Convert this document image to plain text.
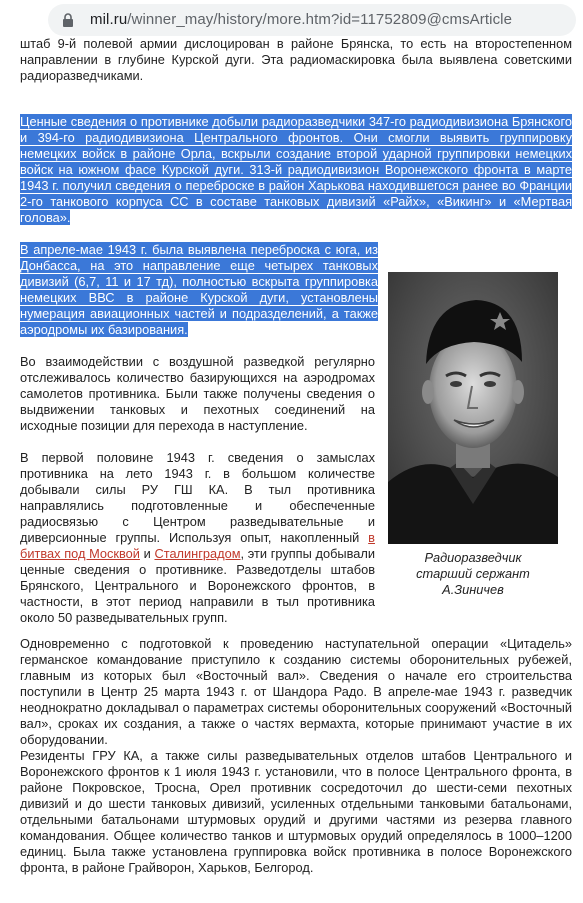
mil.ru/winner_may/history/more.htm?id=11752809@cmsArticle

штаб 9-й полевой армии дислоцирован в районе Брянска, то есть на второстепенном направлении в глубине Курской дуги. Эта радиомаскировка была выявлена советскими радиоразведчиками.

Ценные сведения о противнике добыли радиоразведчики 347-го радиодивизиона Брянского и 394-го радиодивизиона Центрального фронтов. Они смогли выявить группировку немецких войск в районе Орла, вскрыли создание второй ударной группировки немецких войск на южном фасе Курской дуги. 313-й радиодивизион Воронежского фронта в марте 1943 г. получил сведения о переброске в район Харькова находившегося ранее во Франции 2-го танкового корпуса СС в составе танковых дивизий «Райх», «Викинг» и «Мертвая голова».

В апреле-мае 1943 г. была выявлена переброска с юга, из Донбасса, на это направление еще четырех танковых дивизий (6,7, 11 и 17 тд), полностью вскрыта группировка немецких ВВС в районе Курской дуги, установлены нумерация авиационных частей и подразделений, а также аэродромы их базирования.

Во взаимодействии с воздушной разведкой регулярно отслеживалось количество базирующихся на аэродромах самолетов противника. Были также получены сведения о выдвижении танковых и пехотных соединений на исходные позиции для перехода в наступление.

В первой половине 1943 г. сведения о замыслах противника на лето 1943 г. в большом количестве добывали силы РУ ГШ КА. В тыл противника направлялись подготовленные и обеспеченные радиосвязью с Центром разведывательные и диверсионные группы. Используя опыт, накопленный в битвах под Москвой и Сталинградом, эти группы добывали ценные сведения о противнике. Разведотделы штабов Брянского, Центрального и Воронежского фронтов, в частности, в этот период направили в тыл противника около 50 разведывательных групп.

Радиоразведчик
старший сержант
А.Зиничев

Одновременно с подготовкой к проведению наступательной операции «Цитадель» германское командование приступило к созданию системы оборонительных рубежей, главным из которых был «Восточный вал». Сведения о начале его строительства поступили в Центр 25 марта 1943 г. от Шандора Радо. В апреле-мае 1943 г. разведчик неоднократно докладывал о параметрах системы оборонительных сооружений «Восточный вал», сроках их создания, а также о частях вермахта, которые принимают участие в их оборудовании.

Резиденты ГРУ КА, а также силы разведывательных отделов штабов Центрального и Воронежского фронтов к 1 июля 1943 г. установили, что в полосе Центрального фронта, в районе Покровское, Тросна, Орел противник сосредоточил до шести-семи пехотных дивизий и до шести танковых дивизий, усиленных отдельными танковыми батальонами, отдельными батальонами штурмовых орудий и другими частями из резерва главного командования. Общее количество танков и штурмовых орудий определялось в 1000–1200 единиц. Была также установлена группировка войск противника в полосе Воронежского фронта, в районе Грайворон, Харьков, Белгород.
